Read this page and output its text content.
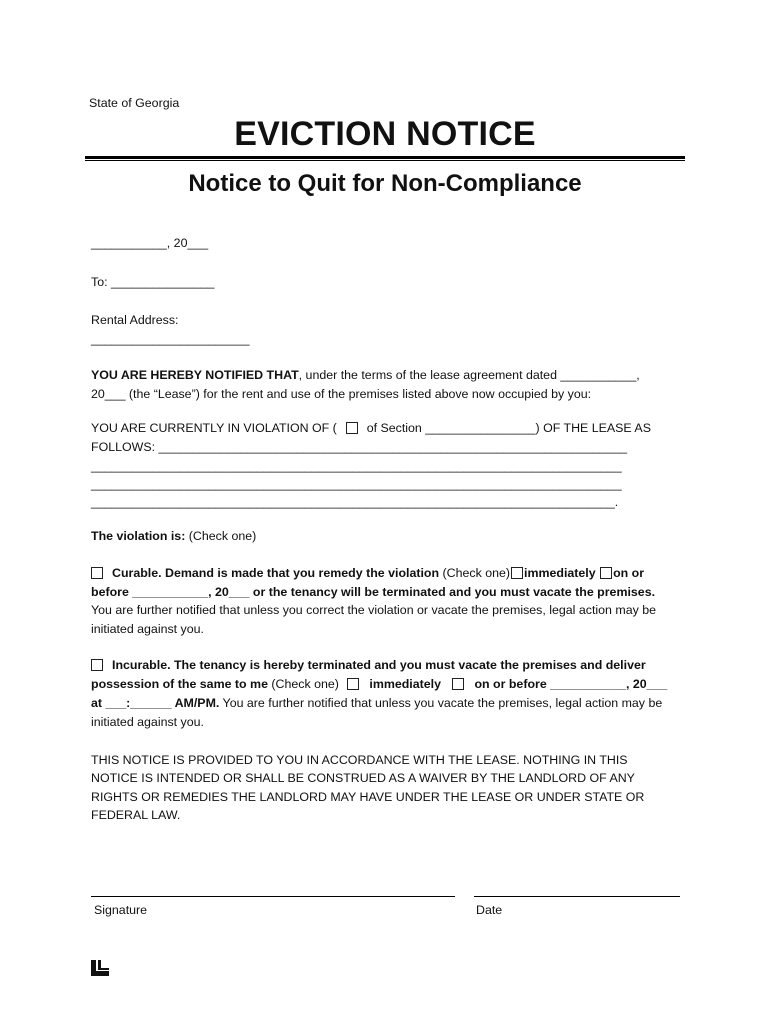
State of Georgia
EVICTION NOTICE
Notice to Quit for Non-Compliance
___________, 20___
To: _______________
Rental Address:
_______________________
YOU ARE HEREBY NOTIFIED THAT, under the terms of the lease agreement dated ___________,
20___ (the “Lease”) for the rent and use of the premises listed above now occupied by you:
YOU ARE CURRENTLY IN VIOLATION OF ( of Section ________________) OF THE LEASE AS
FOLLOWS: ____________________________________________________________________
_____________________________________________________________________________
_____________________________________________________________________________
____________________________________________________________________________.
The violation is: (Check one)
Curable. Demand is made that you remedy the violation (Check one) immediately on or
before ___________, 20___ or the tenancy will be terminated and you must vacate the premises.
You are further notified that unless you correct the violation or vacate the premises, legal action may be
initiated against you.
Incurable. The tenancy is hereby terminated and you must vacate the premises and deliver
possession of the same to me (Check one) immediately	on or before ___________, 20___
at ___:______ AM/PM. You are further notified that unless you vacate the premises, legal action may be
initiated against you.
THIS NOTICE IS PROVIDED TO YOU IN ACCORDANCE WITH THE LEASE. NOTHING IN THIS
NOTICE IS INTENDED OR SHALL BE CONSTRUED AS A WAIVER BY THE LANDLORD OF ANY
RIGHTS OR REMEDIES THE LANDLORD MAY HAVE UNDER THE LEASE OR UNDER STATE OR
FEDERAL LAW.
Signature	Date
